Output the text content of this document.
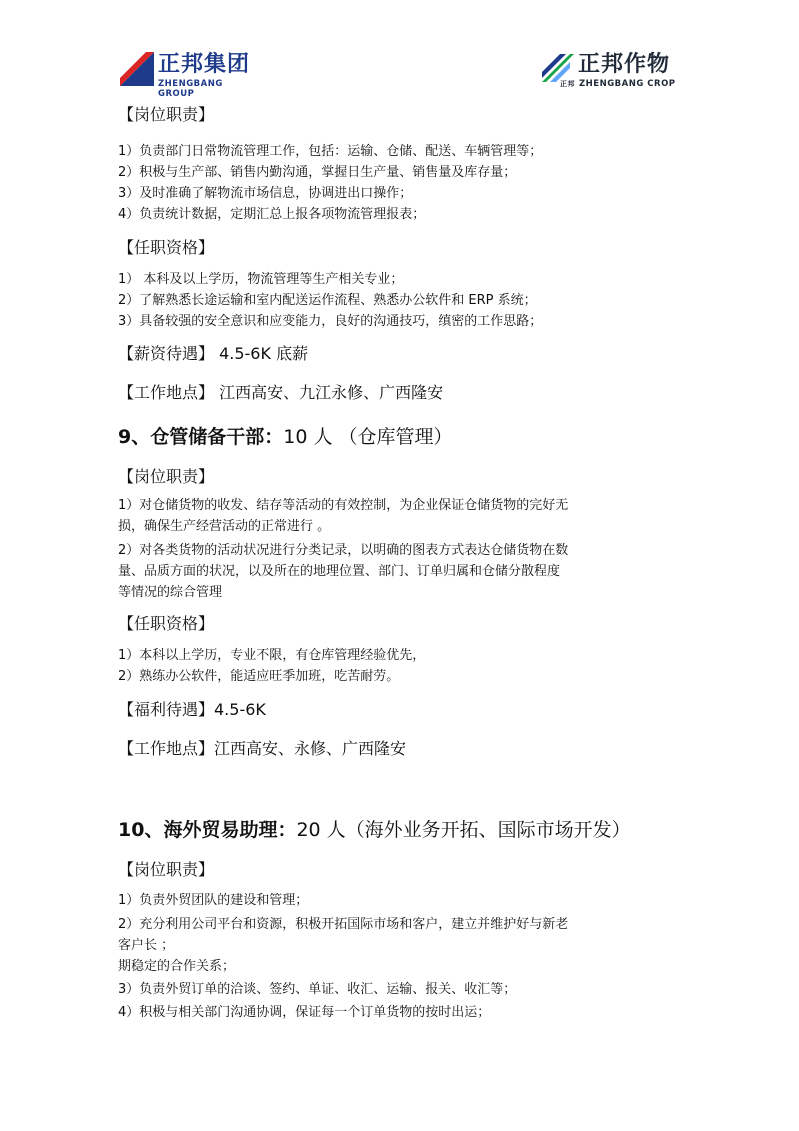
正邦集团
ZHENGBANG GROUP
正邦作物
正邦 ZHENGBANG CROP
【岗位职责】
1）负责部门日常物流管理工作，包括：运输、仓储、配送、车辆管理等；
2）积极与生产部、销售内勤沟通，掌握日生产量、销售量及库存量；
3）及时准确了解物流市场信息，协调进出口操作；
4）负责统计数据，定期汇总上报各项物流管理报表；
【任职资格】
1） 本科及以上学历，物流管理等生产相关专业；
2）了解熟悉长途运输和室内配送运作流程、熟悉办公软件和 ERP 系统；
3）具备较强的安全意识和应变能力，良好的沟通技巧，缜密的工作思路；
【薪资待遇】 4.5-6K 底薪
【工作地点】 江西高安、九江永修、广西隆安
9、仓管储备干部：10 人 （仓库管理）
【岗位职责】
1）对仓储货物的收发、结存等活动的有效控制，为企业保证仓储货物的完好无
损，确保生产经营活动的正常进行 。
2）对各类货物的活动状况进行分类记录，以明确的图表方式表达仓储货物在数
量、品质方面的状况，以及所在的地理位置、部门、订单归属和仓储分散程度
等情况的综合管理
【任职资格】
1）本科以上学历，专业不限，有仓库管理经验优先，
2）熟练办公软件，能适应旺季加班，吃苦耐劳。
【福利待遇】4.5-6K
【工作地点】江西高安、永修、广西隆安
10、海外贸易助理：20 人（海外业务开拓、国际市场开发）
【岗位职责】
1）负责外贸团队的建设和管理；
2）充分利用公司平台和资源，积极开拓国际市场和客户，建立并维护好与新老
客户长 ；
期稳定的合作关系；
3）负责外贸订单的洽谈、签约、单证、收汇、运输、报关、收汇等；
4）积极与相关部门沟通协调，保证每一个订单货物的按时出运；
